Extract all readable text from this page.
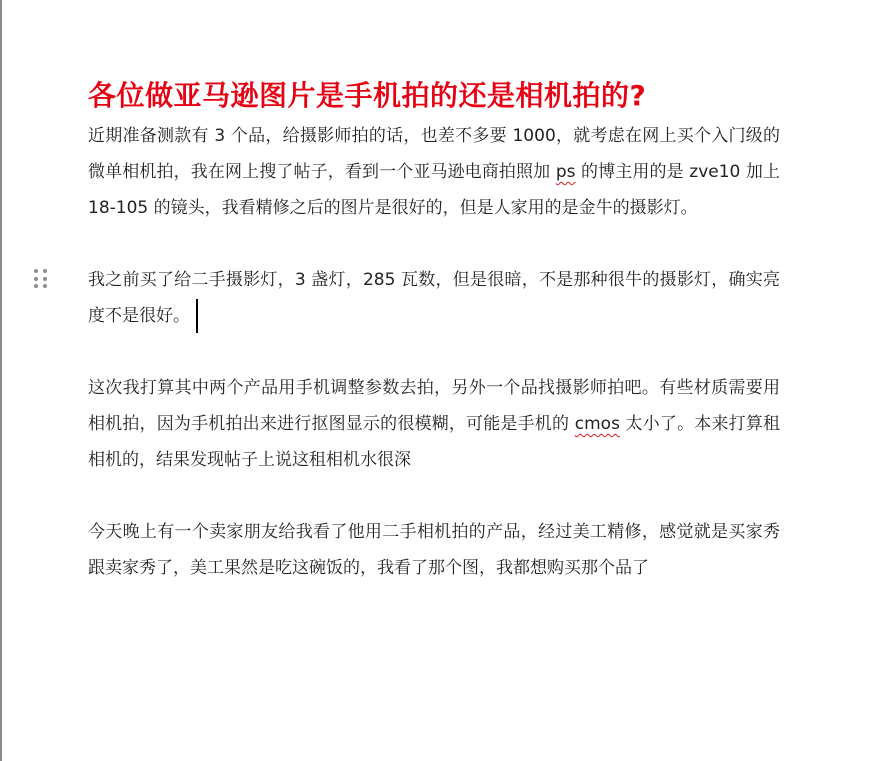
各位做亚马逊图片是手机拍的还是相机拍的?

近期准备测款有 3 个品，给摄影师拍的话，也差不多要 1000，就考虑在网上买个入门级的微单相机拍，我在网上搜了帖子，看到一个亚马逊电商拍照加 ps 的博主用的是 zve10 加上 18-105 的镜头，我看精修之后的图片是很好的，但是人家用的是金牛的摄影灯。

我之前买了给二手摄影灯，3 盏灯，285 瓦数，但是很暗，不是那种很牛的摄影灯，确实亮度不是很好。

这次我打算其中两个产品用手机调整参数去拍，另外一个品找摄影师拍吧。有些材质需要用相机拍，因为手机拍出来进行抠图显示的很模糊，可能是手机的 cmos 太小了。本来打算租相机的，结果发现帖子上说这租相机水很深

今天晚上有一个卖家朋友给我看了他用二手相机拍的产品，经过美工精修，感觉就是买家秀跟卖家秀了，美工果然是吃这碗饭的，我看了那个图，我都想购买那个品了
